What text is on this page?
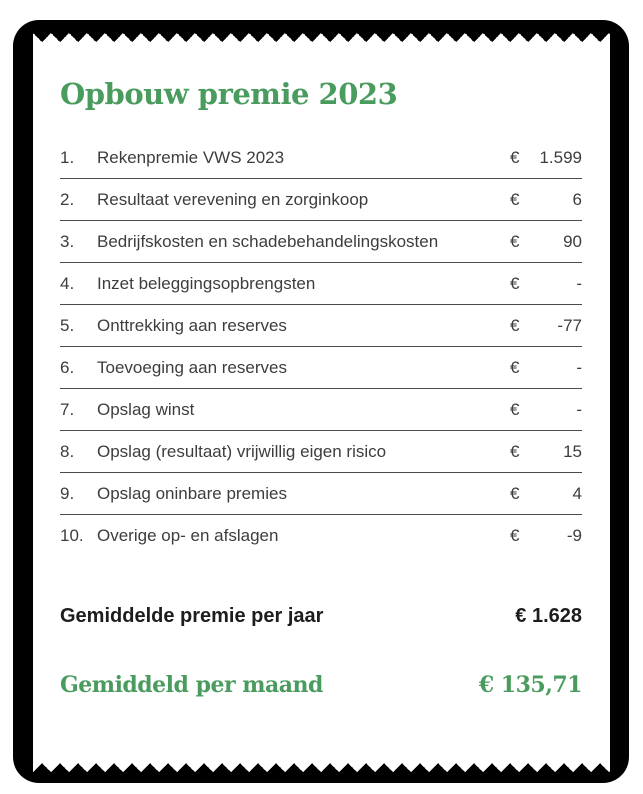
Opbouw premie 2023
1.	Rekenpremie VWS 2023	€	1.599
2.	Resultaat verevening en zorginkoop	€	6
3.	Bedrijfskosten en schadebehandelingskosten	€	90
4.	Inzet beleggingsopbrengsten	€	-
5.	Onttrekking aan reserves	€	-77
6.	Toevoeging aan reserves	€	-
7.	Opslag winst	€	-
8.	Opslag (resultaat) vrijwillig eigen risico	€	15
9.	Opslag oninbare premies	€	4
10. Overige op- en afslagen	€	-9
Gemiddelde premie per jaar	€ 1.628
Gemiddeld per maand	€ 135,71
